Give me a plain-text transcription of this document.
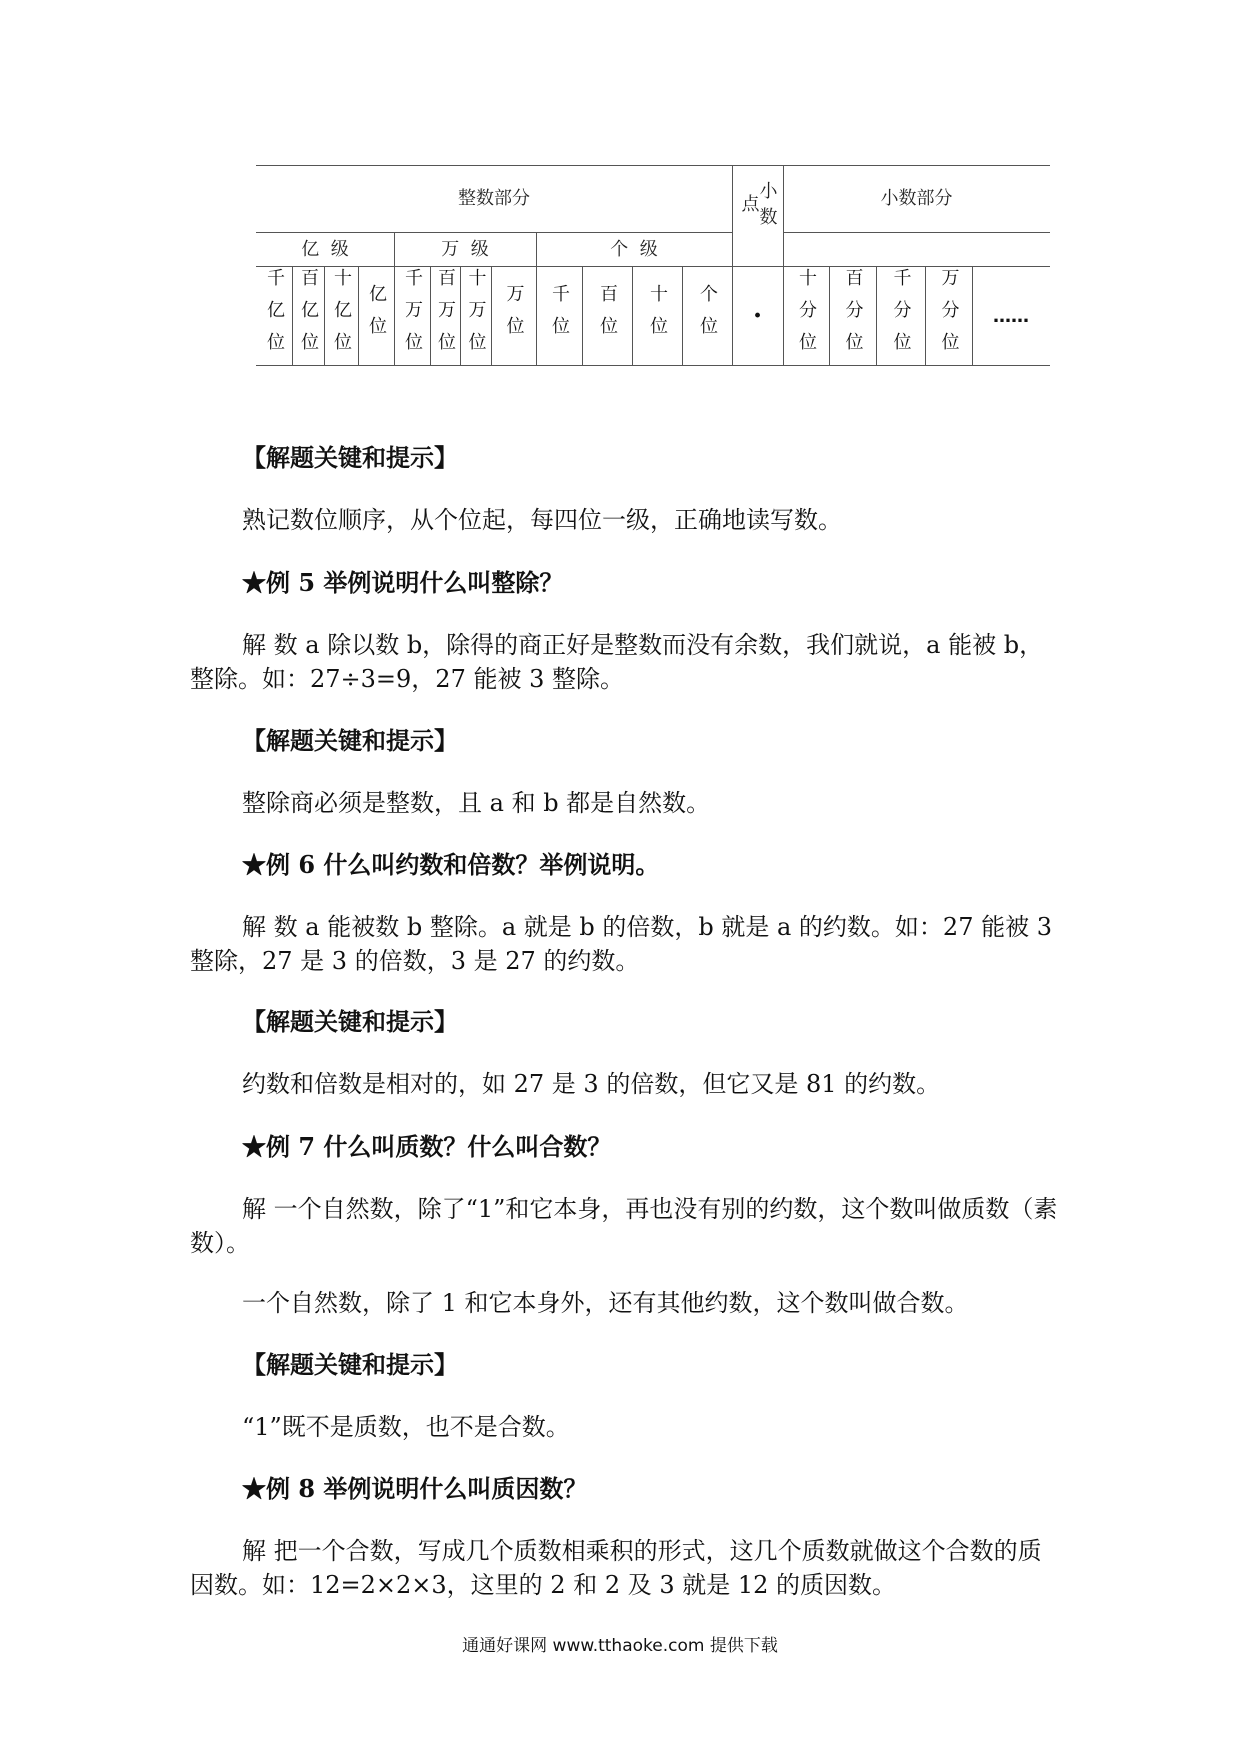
整数部分	小数点	小数部分
亿  级	万  级	个  级
千亿位 百亿位 十亿位 亿位 千万位 百万位 十万位 万位 千位 百位 十位 个位 · 十分位 百分位 千分位 万分位 ……

【解题关键和提示】

熟记数位顺序，从个位起，每四位一级，正确地读写数。

★例 5 举例说明什么叫整除？

解 数 a 除以数 b，除得的商正好是整数而没有余数，我们就说，a 能被 b，整除。如：27÷3=9，27 能被 3 整除。

【解题关键和提示】

整除商必须是整数，且 a 和 b 都是自然数。

★例 6 什么叫约数和倍数？举例说明。

解 数 a 能被数 b 整除。a 就是 b 的倍数，b 就是 a 的约数。如：27 能被 3 整除，27 是 3 的倍数，3 是 27 的约数。

【解题关键和提示】

约数和倍数是相对的，如 27 是 3 的倍数，但它又是 81 的约数。

★例 7 什么叫质数？什么叫合数？

解 一个自然数，除了“1”和它本身，再也没有别的约数，这个数叫做质数（素数）。

一个自然数，除了 1 和它本身外，还有其他约数，这个数叫做合数。

【解题关键和提示】

“1”既不是质数，也不是合数。

★例 8 举例说明什么叫质因数？

解 把一个合数，写成几个质数相乘积的形式，这几个质数就做这个合数的质因数。如：12=2×2×3，这里的 2 和 2 及 3 就是 12 的质因数。

通通好课网 www.tthaoke.com 提供下载
